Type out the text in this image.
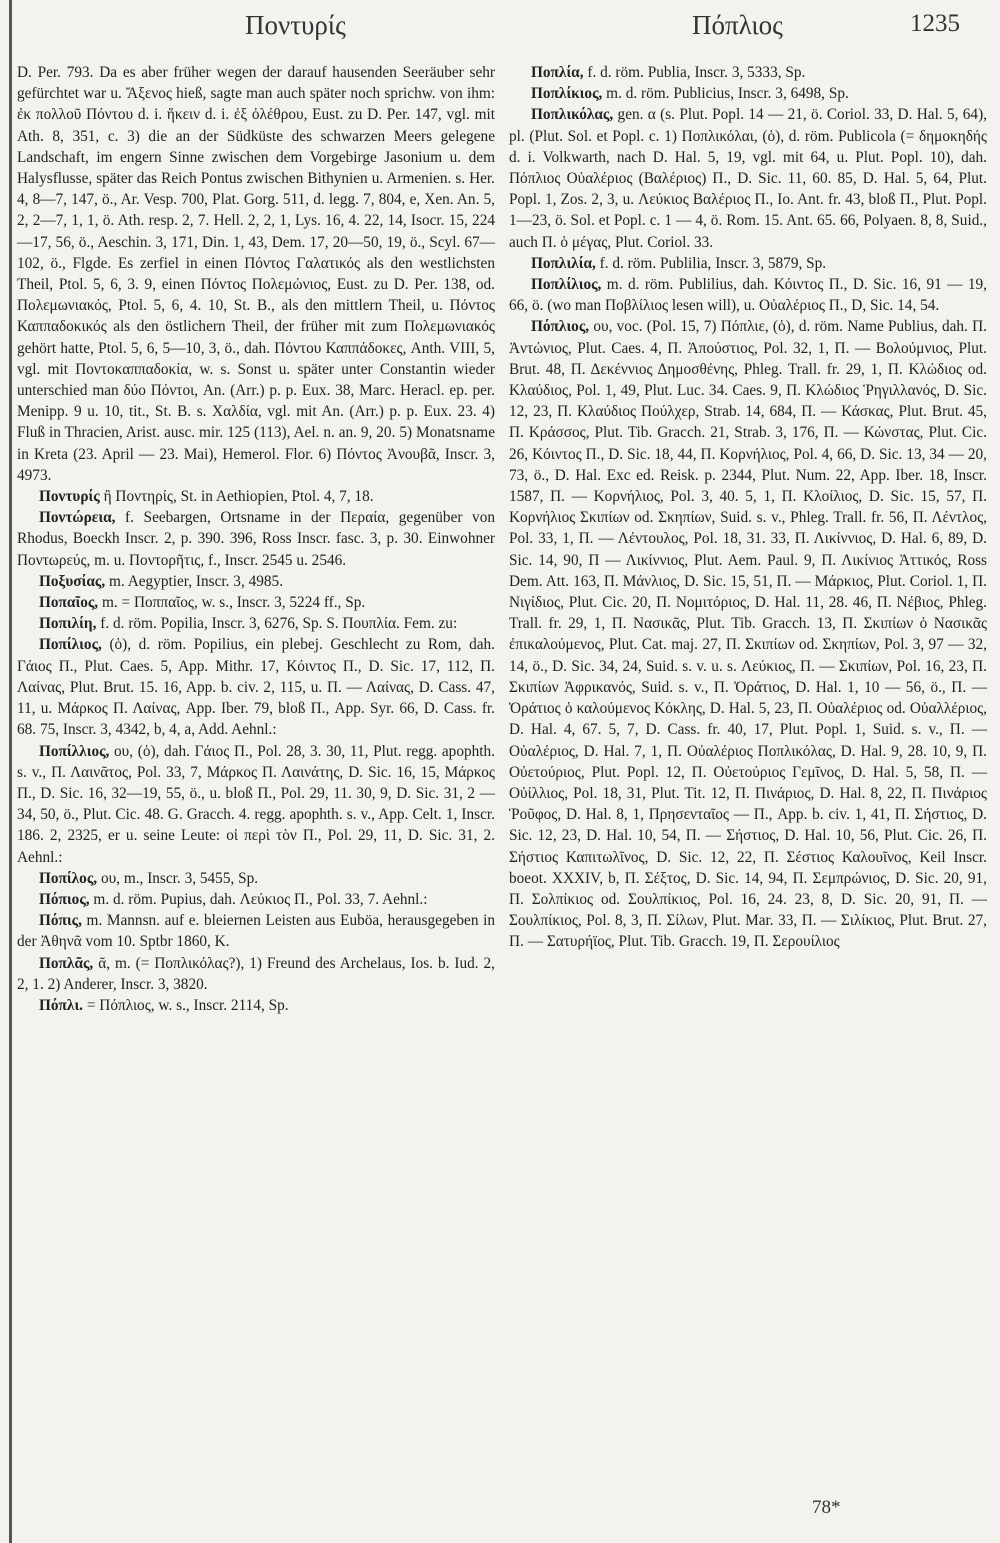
Ποντυρίς	Πόπλιος	1235

D. Per. 793. Da es aber früher wegen der darauf hausenden Seeräuber sehr gefürchtet war u. Ἄξενος hieß, sagte man auch später noch sprichw. von ihm: ἐκ πολλοῦ Πόντου d. i. ἥκειν d. i. ἐξ ὀλέθρου, Eust. zu D. Per. 147, vgl. mit Ath. 8, 351, c. 3) die an der Südküste des schwarzen Meers gelegene Landschaft, im engern Sinne zwischen dem Vorgebirge Jasonium u. dem Halysflusse, später das Reich Pontus zwischen Bithynien u. Armenien. s. Her. 4, 8—7, 147, ö., Ar. Vesp. 700, Plat. Gorg. 511, d. legg. 7, 804, e, Xen. An. 5, 2, 2—7, 1, 1, ö. Ath. resp. 2, 7. Hell. 2, 2, 1, Lys. 16, 4. 22, 14, Isocr. 15, 224—17, 56, ö., Aeschin. 3, 171, Din. 1, 43, Dem. 17, 20—50, 19, ö., Scyl. 67—102, ö., Flgde. Es zerfiel in einen Πόντος Γαλατικός als den westlichsten Theil, Ptol. 5, 6, 3. 9, einen Πόντος Πολεμώνιος, Eust. zu D. Per. 138, od. Πολεμωνιακός, Ptol. 5, 6, 4. 10, St. B., als den mittlern Theil, u. Πόντος Καππαδοκικός als den östlichern Theil, der früher mit zum Πολεμωνιακός gehört hatte, Ptol. 5, 6, 5—10, 3, ö., dah. Πόντου Καππάδοκες, Anth. VIII, 5, vgl. mit Ποντοκαππαδοκία, w. s. Sonst u. später unter Constantin wieder unterschied man δύο Πόντοι, An. (Arr.) p. p. Eux. 38, Marc. Heracl. ep. per. Menipp. 9 u. 10, tit., St. B. s. Χαλδία, vgl. mit An. (Arr.) p. p. Eux. 23. 4) Fluß in Thracien, Arist. ausc. mir. 125 (113), Ael. n. an. 9, 20. 5) Monatsname in Kreta (23. April — 23. Mai), Hemerol. Flor. 6) Πόντος Ἀνουβᾶ, Inscr. 3, 4973.

Ποντυρίς ἢ Ποντηρίς, St. in Aethiopien, Ptol. 4, 7, 18.

Ποντώρεια, f. Seebargen, Ortsname in der Περαία, gegenüber von Rhodus, Boeckh Inscr. 2, p. 390. 396, Ross Inscr. fasc. 3, p. 30. Einwohner Ποντωρεύς, m. u. Ποντορῆτις, f., Inscr. 2545 u. 2546.

Ποξυσίας, m. Aegyptier, Inscr. 3, 4985.

Ποπαῖος, m. = Ποππαῖος, w. s., Inscr. 3, 5224 ff., Sp.

Ποπιλίη, f. d. röm. Popilia, Inscr. 3, 6276, Sp. S. Πουπλία. Fem. zu:

Ποπίλιος, (ὁ), d. röm. Popilius, ein plebej. Geschlecht zu Rom, dah. Γάιος Π., Plut. Caes. 5, App. Mithr. 17, Κόιντος Π., D. Sic. 17, 112, Π. Λαίνας, Plut. Brut. 15. 16, App. b. civ. 2, 115, u. Π. — Λαίνας, D. Cass. 47, 11, u. Μάρκος Π. Λαίνας, App. Iber. 79, bloß Π., App. Syr. 66, D. Cass. fr. 68. 75, Inscr. 3, 4342, b, 4, a, Add. Aehnl.:

Ποπίλλιος, ου, (ὁ), dah. Γάιος Π., Pol. 28, 3. 30, 11, Plut. regg. apophth. s. v., Π. Λαινᾶτος, Pol. 33, 7, Μάρκος Π. Λαινάτης, D. Sic. 16, 15, Μάρκος Π., D. Sic. 16, 32—19, 55, ö., u. bloß Π., Pol. 29, 11. 30, 9, D. Sic. 31, 2 — 34, 50, ö., Plut. Cic. 48. G. Gracch. 4. regg. apophth. s. v., App. Celt. 1, Inscr. 186. 2, 2325, er u. seine Leute: οἱ περὶ τὸν Π., Pol. 29, 11, D. Sic. 31, 2. Aehnl.:

Ποπίλος, ου, m., Inscr. 3, 5455, Sp.

Πόπιος, m. d. röm. Pupius, dah. Λεύκιος Π., Pol. 33, 7. Aehnl.:

Πόπις, m. Mannsn. auf e. bleiernen Leisten aus Euböa, herausgegeben in der Ἀθηνᾶ vom 10. Sptbr 1860, K.

Ποπλᾶς, ᾶ, m. (= Ποπλικόλας?), 1) Freund des Archelaus, Ios. b. Iud. 2, 2, 1. 2) Anderer, Inscr. 3, 3820.

Πόπλι. = Πόπλιος, w. s., Inscr. 2114, Sp.

Ποπλία, f. d. röm. Publia, Inscr. 3, 5333, Sp.

Ποπλίκιος, m. d. röm. Publicius, Inscr. 3, 6498, Sp.

Ποπλικόλας, gen. α (s. Plut. Popl. 14 — 21, ö. Coriol. 33, D. Hal. 5, 64), pl. (Plut. Sol. et Popl. c. 1) Ποπλικόλαι, (ὁ), d. röm. Publicola (= δημοκηδής d. i. Volkwarth, nach D. Hal. 5, 19, vgl. mit 64, u. Plut. Popl. 10), dah. Πόπλιος Οὐαλέριος (Βαλέριος) Π., D. Sic. 11, 60. 85, D. Hal. 5, 64, Plut. Popl. 1, Zos. 2, 3, u. Λεύκιος Βαλέριος Π., Io. Ant. fr. 43, bloß Π., Plut. Popl. 1—23, ö. Sol. et Popl. c. 1 — 4, ö. Rom. 15. Ant. 65. 66, Polyaen. 8, 8, Suid., auch Π. ὁ μέγας, Plut. Coriol. 33.

Ποπλιλία, f. d. röm. Publilia, Inscr. 3, 5879, Sp.

Ποπλίλιος, m. d. röm. Publilius, dah. Κόιντος Π., D. Sic. 16, 91 — 19, 66, ö. (wo man Ποβλίλιος lesen will), u. Οὐαλέριος Π., D, Sic. 14, 54.

Πόπλιος, ου, voc. (Pol. 15, 7) Πόπλιε, (ὁ), d. röm. Name Publius, dah. Π. Ἀντώνιος, Plut. Caes. 4, Π. Ἀπούστιος, Pol. 32, 1, Π. — Βολούμνιος, Plut. Brut. 48, Π. Δεκέννιος Δημοσθένης, Phleg. Trall. fr. 29, 1, Π. Κλώδιος od. Κλαύδιος, Pol. 1, 49, Plut. Luc. 34. Caes. 9, Π. Κλώδιος Ῥηγιλλανός, D. Sic. 12, 23, Π. Κλαύδιος Πούλχερ, Strab. 14, 684, Π. — Κάσκας, Plut. Brut. 45, Π. Κράσσος, Plut. Tib. Gracch. 21, Strab. 3, 176, Π. — Κώνστας, Plut. Cic. 26, Κόιντος Π., D. Sic. 18, 44, Π. Κορνήλιος, Pol. 4, 66, D. Sic. 13, 34 — 20, 73, ö., D. Hal. Exc ed. Reisk. p. 2344, Plut. Num. 22, App. Iber. 18, Inscr. 1587, Π. — Κορνήλιος, Pol. 3, 40. 5, 1, Π. Κλοίλιος, D. Sic. 15, 57, Π. Κορνήλιος Σκιπίων od. Σκηπίων, Suid. s. v., Phleg. Trall. fr. 56, Π. Λέντλος, Pol. 33, 1, Π. — Λέντουλος, Pol. 18, 31. 33, Π. Λικίννιος, D. Hal. 6, 89, D. Sic. 14, 90, Π — Λικίννιος, Plut. Aem. Paul. 9, Π. Λικίνιος Ἀττικός, Ross Dem. Att. 163, Π. Μάνλιος, D. Sic. 15, 51, Π. — Μάρκιος, Plut. Coriol. 1, Π. Νιγίδιος, Plut. Cic. 20, Π. Νομιτόριος, D. Hal. 11, 28. 46, Π. Νέβιος, Phleg. Trall. fr. 29, 1, Π. Νασικᾶς, Plut. Tib. Gracch. 13, Π. Σκιπίων ὁ Νασικᾶς ἐπικαλούμενος, Plut. Cat. maj. 27, Π. Σκιπίων od. Σκηπίων, Pol. 3, 97 — 32, 14, ö., D. Sic. 34, 24, Suid. s. v. u. s. Λεύκιος, Π. — Σκιπίων, Pol. 16, 23, Π. Σκιπίων Ἀφρικανός, Suid. s. v., Π. Ὁράτιος, D. Hal. 1, 10 — 56, ö., Π. — Ὁράτιος ὁ καλούμενος Κόκλης, D. Hal. 5, 23, Π. Οὐαλέριος od. Οὐαλλέριος, D. Hal. 4, 67. 5, 7, D. Cass. fr. 40, 17, Plut. Popl. 1, Suid. s. v., Π. — Οὐαλέριος, D. Hal. 7, 1, Π. Οὐαλέριος Ποπλικόλας, D. Hal. 9, 28. 10, 9, Π. Οὐετούριος, Plut. Popl. 12, Π. Οὐετούριος Γεμῖνος, D. Hal. 5, 58, Π. — Οὐίλλιος, Pol. 18, 31, Plut. Tit. 12, Π. Πινάριος, D. Hal. 8, 22, Π. Πινάριος Ῥοῦφος, D. Hal. 8, 1, Πρησενταῖος — Π., App. b. civ. 1, 41, Π. Σήστιος, D. Sic. 12, 23, D. Hal. 10, 54, Π. — Σήστιος, D. Hal. 10, 56, Plut. Cic. 26, Π. Σήστιος Καπιτωλῖνος, D. Sic. 12, 22, Π. Σέστιος Καλουῖνος, Keil Inscr. boeot. XXXIV, b, Π. Σέξτος, D. Sic. 14, 94, Π. Σεμπρώνιος, D. Sic. 20, 91, Π. Σολπίκιος od. Σουλπίκιος, Pol. 16, 24. 23, 8, D. Sic. 20, 91, Π. — Σουλπίκιος, Pol. 8, 3, Π. Σίλων, Plut. Mar. 33, Π. — Σιλίκιος, Plut. Brut. 27, Π. — Σατυρήϊος, Plut. Tib. Gracch. 19, Π. Σερουίλιος

78*
